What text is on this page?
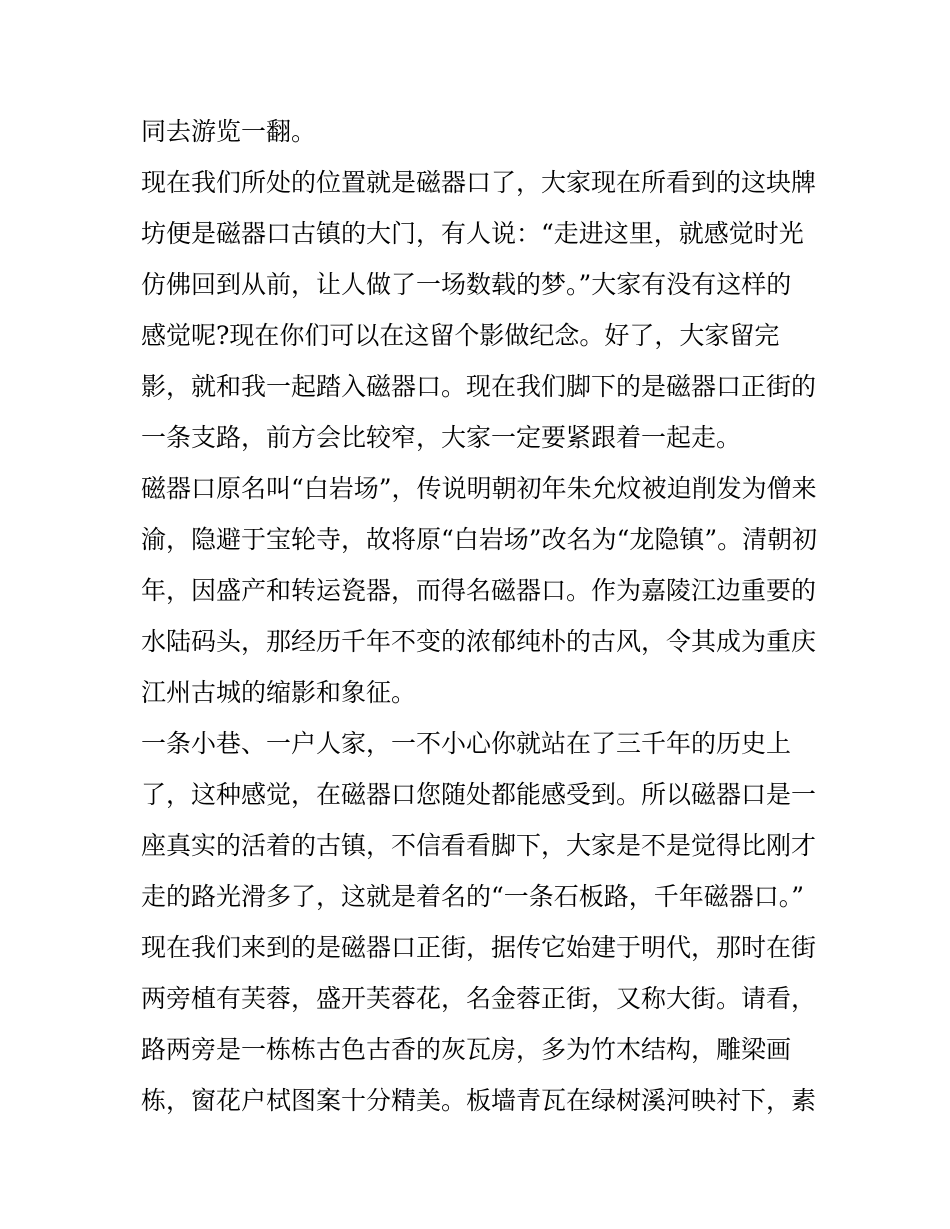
同去游览一翻。

现在我们所处的位置就是磁器口了，大家现在所看到的这块牌

坊便是磁器口古镇的大门，有人说：“走进这里，就感觉时光

仿佛回到从前，让人做了一场数载的梦。”大家有没有这样的

感觉呢?现在你们可以在这留个影做纪念。好了，大家留完

影，就和我一起踏入磁器口。现在我们脚下的是磁器口正街的

一条支路，前方会比较窄，大家一定要紧跟着一起走。

磁器口原名叫“白岩场”，传说明朝初年朱允炆被迫削发为僧来

渝，隐避于宝轮寺，故将原“白岩场”改名为“龙隐镇”。清朝初

年，因盛产和转运瓷器，而得名磁器口。作为嘉陵江边重要的

水陆码头，那经历千年不变的浓郁纯朴的古风，令其成为重庆

江州古城的缩影和象征。

一条小巷、一户人家，一不小心你就站在了三千年的历史上

了，这种感觉，在磁器口您随处都能感受到。所以磁器口是一

座真实的活着的古镇，不信看看脚下，大家是不是觉得比刚才

走的路光滑多了，这就是着名的“一条石板路，千年磁器口。”

现在我们来到的是磁器口正街，据传它始建于明代，那时在街

两旁植有芙蓉，盛开芙蓉花，名金蓉正街，又称大街。请看，

路两旁是一栋栋古色古香的灰瓦房，多为竹木结构，雕梁画

栋，窗花户栻图案十分精美。板墙青瓦在绿树溪河映衬下，素
